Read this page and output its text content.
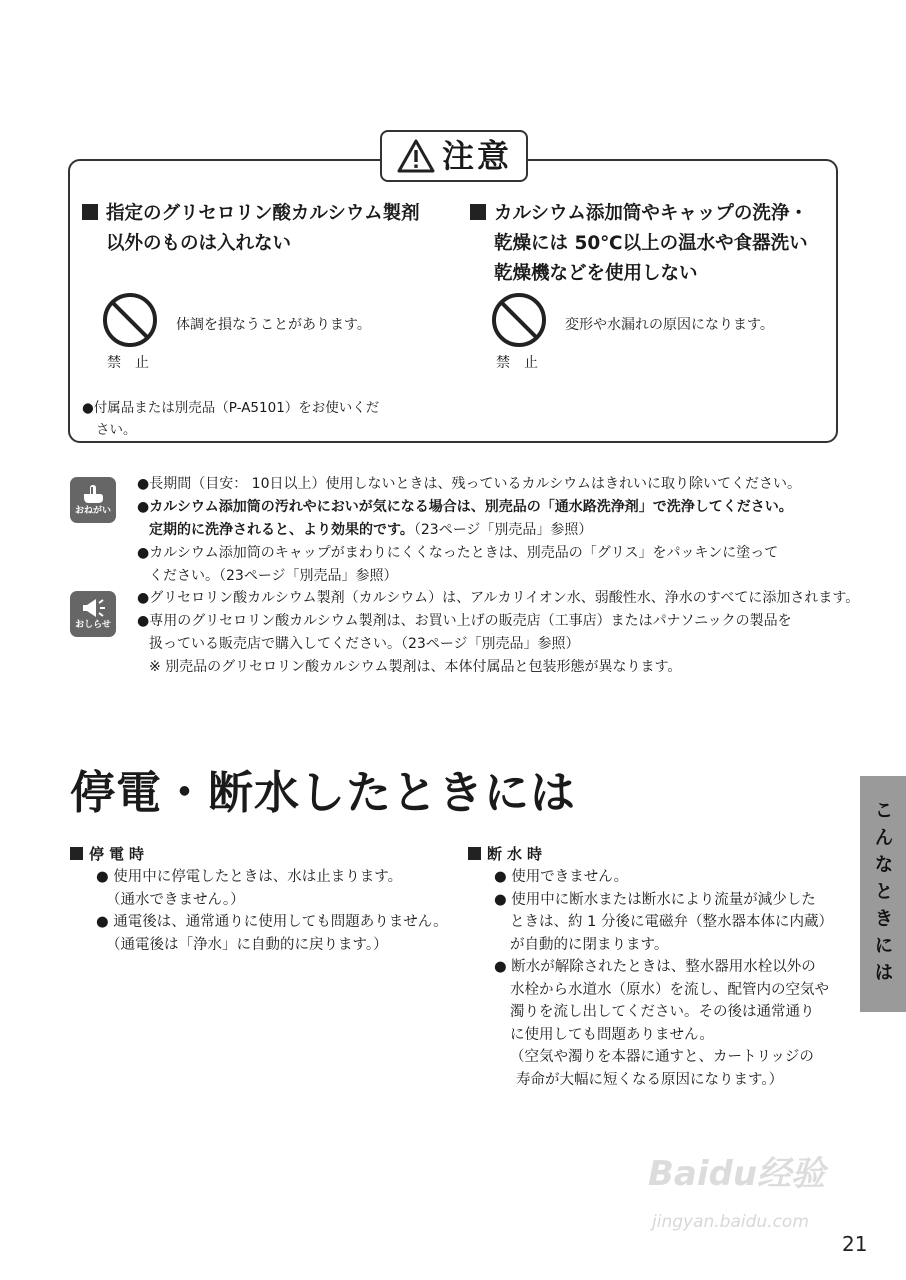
注意
指定のグリセロリン酸カルシウム製剤
以外のものは入れない
禁止
体調を損なうことがあります。
●付属品または別売品（P-A5101）をお使いくだ
さい。
カルシウム添加筒やキャップの洗浄・
乾燥には 50℃以上の温水や食器洗い
乾燥機などを使用しない
禁止
変形や水漏れの原因になります。
おねがい
●長期間（目安： 10日以上）使用しないときは、残っているカルシウムはきれいに取り除いてください。
●カルシウム添加筒の汚れやにおいが気になる場合は、別売品の「通水路洗浄剤」で洗浄してください。
定期的に洗浄されると、より効果的です。（23ページ「別売品」参照）
●カルシウム添加筒のキャップがまわりにくくなったときは、別売品の「グリス」をパッキンに塗って
ください。（23ページ「別売品」参照）
おしらせ
●グリセロリン酸カルシウム製剤（カルシウム）は、アルカリイオン水、弱酸性水、浄水のすべてに添加されます。
●専用のグリセロリン酸カルシウム製剤は、お買い上げの販売店（工事店）またはパナソニックの製品を
扱っている販売店で購入してください。（23ページ「別売品」参照）
※ 別売品のグリセロリン酸カルシウム製剤は、本体付属品と包装形態が異なります。
停電・断水したときには
停電時
● 使用中に停電したときは、水は止まります。
（通水できません。）
● 通電後は、通常通りに使用しても問題ありません。
（通電後は「浄水」に自動的に戻ります。）
断水時
● 使用できません。
● 使用中に断水または断水により流量が減少した
ときは、約 1 分後に電磁弁（整水器本体に内蔵）
が自動的に閉まります。
● 断水が解除されたときは、整水器用水栓以外の
水栓から水道水（原水）を流し、配管内の空気や
濁りを流し出してください。その後は通常通り
に使用しても問題ありません。
（空気や濁りを本器に通すと、カートリッジの
寿命が大幅に短くなる原因になります。）
こんなときには
Baidu经验
jingyan.baidu.com
21
